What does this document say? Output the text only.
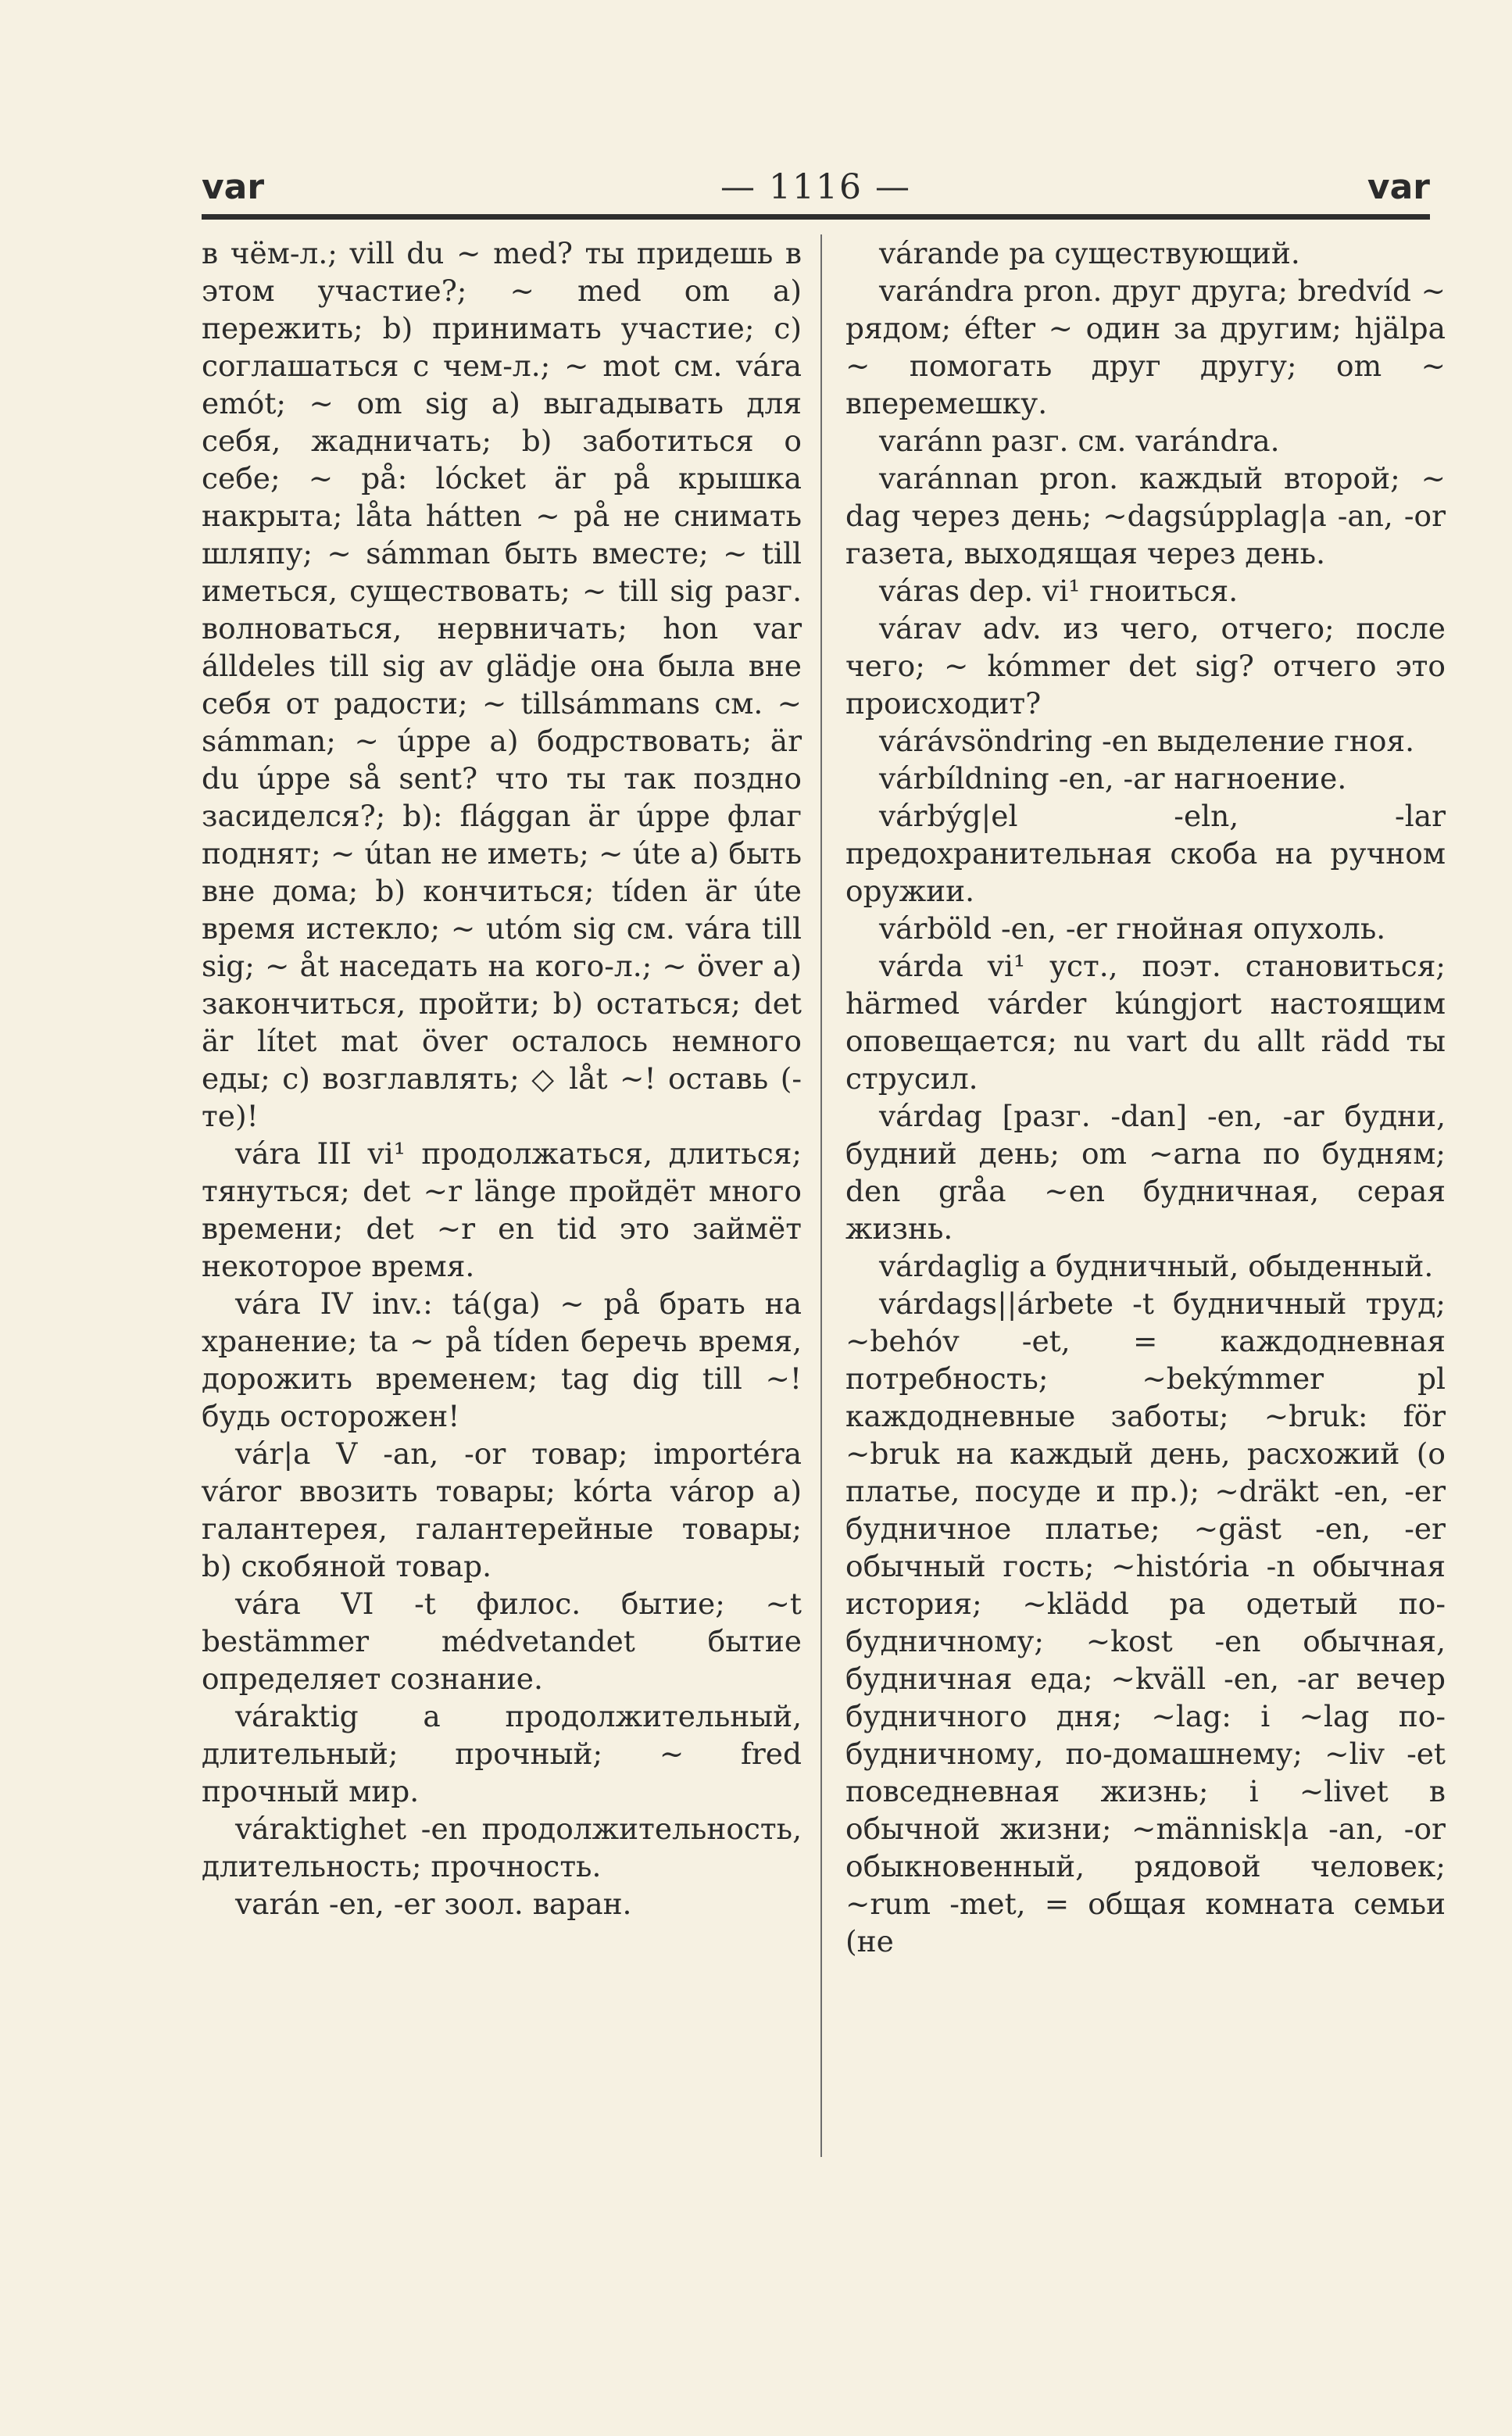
— 1116 —
var	var
в чём-л.; vill du ~ med? ты придешь в этом участие?; ~ med om a) пережить; b) принимать участие; c) соглашаться с чем-л.; ~ mot см. vára emót; ~ om sig a) выгадывать для себя, жадничать; b) заботиться о себе; ~ på: lócket är på крышка накрыта; låta hátten ~ på не снимать шляпу; ~ sámman быть вместе; ~ till иметься, существовать; ~ till sig разг. волноваться, нервничать; hon var álldeles till sig av glädje она была вне себя от радости; ~ tillsámmans см. ~ sámman; ~ úppe a) бодрствовать; är du úppe så sent? что ты так поздно засиделся?; b): flággan är úppe флаг поднят; ~ útan не иметь; ~ úte a) быть вне дома; b) кончиться; tíden är úte время истекло; ~ utóm sig см. vára till sig; ~ åt наседать на кого-л.; ~ över a) закончиться, пройти; b) остаться; det är lítet mat över осталось немного еды; c) возглавлять; ◇ låt ~! оставь (-те)!
vára III vi¹ продолжаться, длиться; тянуться; det ~r länge пройдёт много времени; det ~r en tid это займёт некоторое время.
vára IV inv.: tá(ga) ~ på брать на хранение; ta ~ på tíden беречь время, дорожить временем; tag dig till ~! будь осторожен!
vár|a V -an, -or товар; importéra váror ввозить товары; kórta várор a) галантерея, галантерейные товары; b) скобяной товар.
vára VI -t филос. бытие; ~t bestämmer médvetandet бытие определяет сознание.
váraktig a продолжительный, длительный; прочный; ~ fred прочный мир.
váraktighet -en продолжительность, длительность; прочность.
varán -en, -er зоол. варан.
várande pa существующий.
varándra pron. друг друга; bredvíd ~ рядом; éfter ~ один за другим; hjälpa ~ помогать друг другу; om ~ вперемешку.
varánn разг. см. varándra.
varánnan pron. каждый второй; ~ dag через день; ~dagsúpplag|a -an, -or газета, выходящая через день.
váras dep. vi¹ гноиться.
várav adv. из чего, отчего; после чего; ~ kómmer det sig? отчего это происходит?
várávsöndring -en выделение гноя.
várbíldning -en, -ar нагноение.
várbýg|el -eln, -lar предохранительная скоба на ручном оружии.
várböld -en, -er гнойная опухоль.
várda vi¹ уст., поэт. становиться; härmed várder kúngjort настоящим оповещается; nu vart du allt rädd ты струсил.
várdag [разг. -dan] -en, -ar будни, будний день; om ~arna по будням; den gråa ~en будничная, серая жизнь.
várdaglig a будничный, обыденный.
várdags||árbete -t будничный труд; ~behóv -et, = каждодневная потребность; ~bekýmmer pl каждодневные заботы; ~bruk: för ~bruk на каждый день, расхожий (о платье, посуде и пр.); ~dräkt -en, -er будничное платье; ~gäst -en, -er обычный гость; ~história -n обычная история; ~klädd pa одетый по-будничному; ~kost -en обычная, будничная еда; ~kväll -en, -ar вечер будничного дня; ~lag: i ~lag по-будничному, по-домашнему; ~liv -et повседневная жизнь; i ~livet в обычной жизни; ~människ|a -an, -or обыкновенный, рядовой человек; ~rum -met, = общая комната семьи (не
